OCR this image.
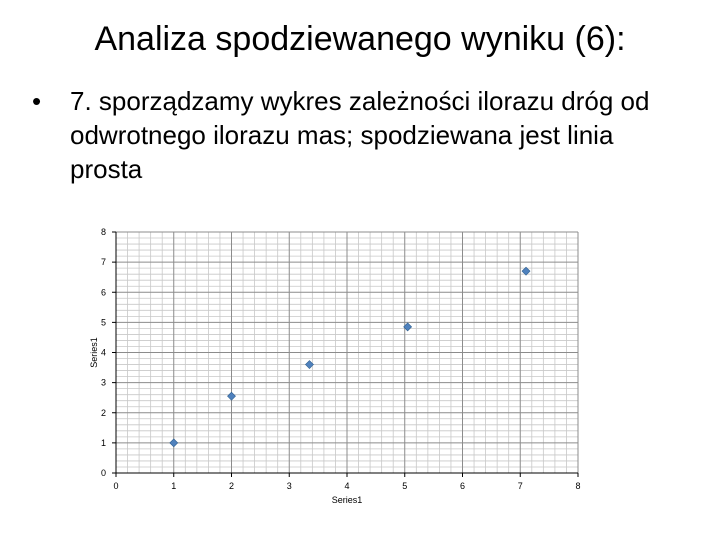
Analiza spodziewanego wyniku (6):
• 7. sporządzamy wykres zależności ilorazu dróg od odwrotnego ilorazu mas; spodziewana jest linia prosta
0	1	2	3	4	5	6	7	8
0
1
2
3
4
5
6
7
8
Series1
Series1
